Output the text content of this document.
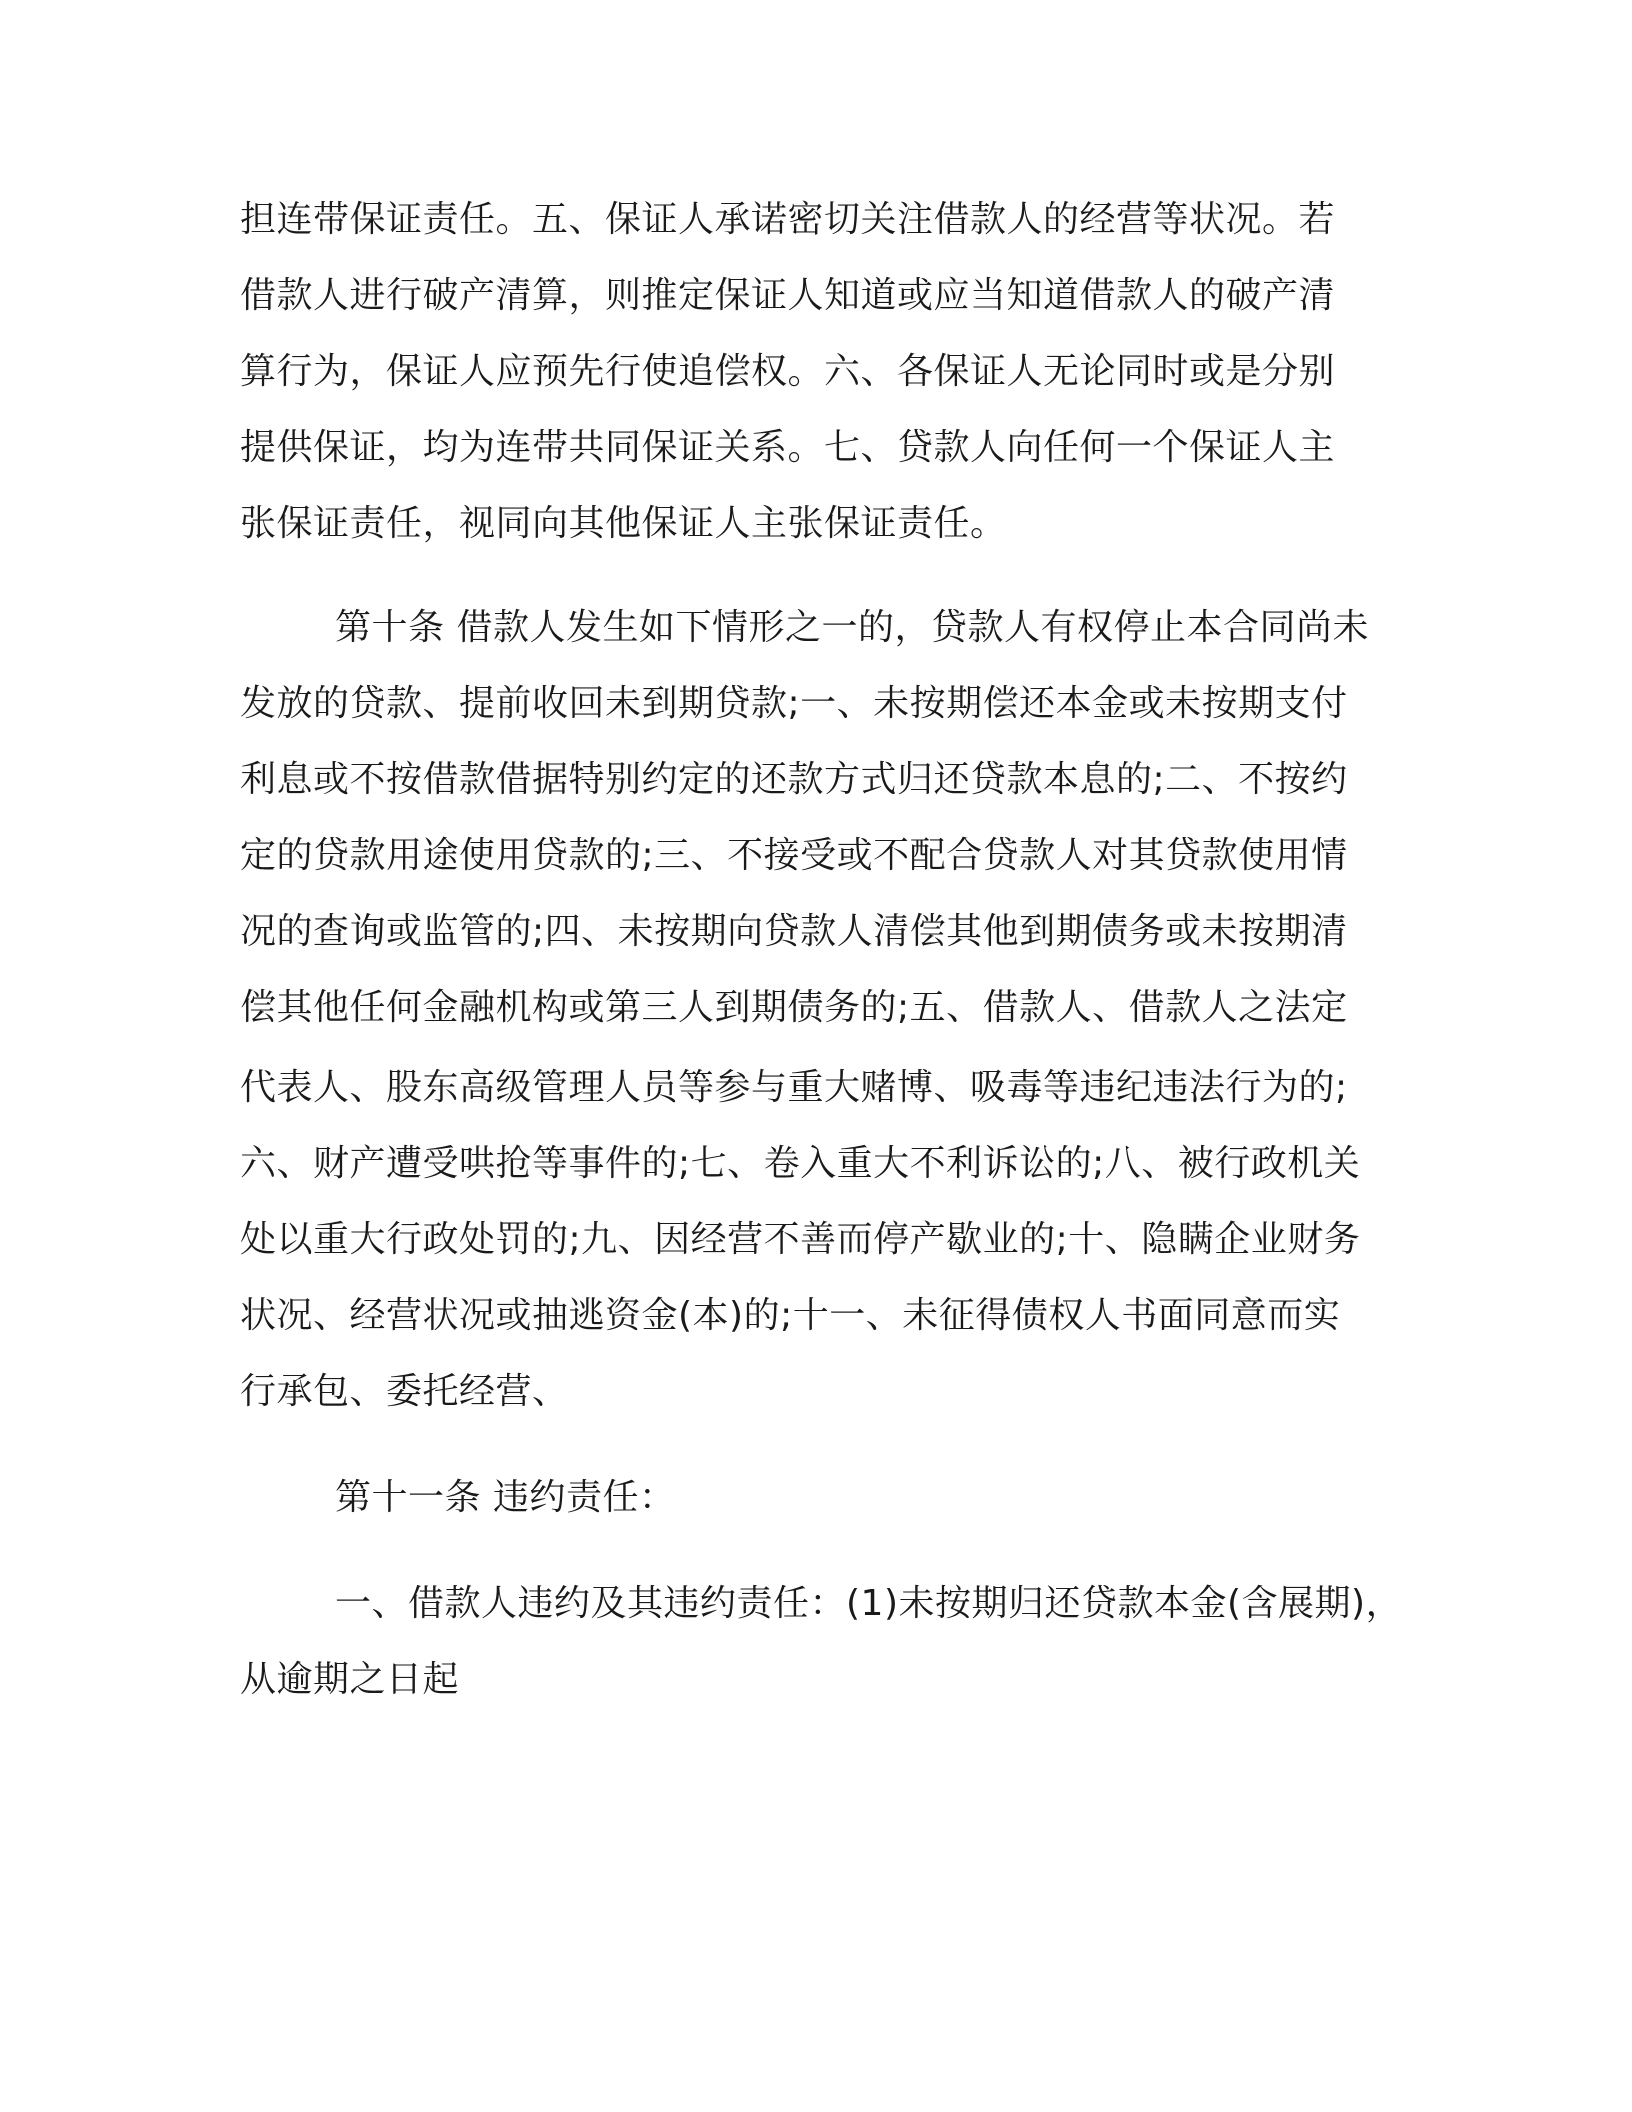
担连带保证责任。五、保证人承诺密切关注借款人的经营等状况。若
借款人进行破产清算，则推定保证人知道或应当知道借款人的破产清
算行为，保证人应预先行使追偿权。六、各保证人无论同时或是分别
提供保证，均为连带共同保证关系。七、贷款人向任何一个保证人主
张保证责任，视同向其他保证人主张保证责任。
第十条 借款人发生如下情形之一的，贷款人有权停止本合同尚未
发放的贷款、提前收回未到期贷款;一、未按期偿还本金或未按期支付
利息或不按借款借据特别约定的还款方式归还贷款本息的;二、不按约
定的贷款用途使用贷款的;三、不接受或不配合贷款人对其贷款使用情
况的查询或监管的;四、未按期向贷款人清偿其他到期债务或未按期清
偿其他任何金融机构或第三人到期债务的;五、借款人、借款人之法定
代表人、股东高级管理人员等参与重大赌博、吸毒等违纪违法行为的;
六、财产遭受哄抢等事件的;七、卷入重大不利诉讼的;八、被行政机关
处以重大行政处罚的;九、因经营不善而停产歇业的;十、隐瞒企业财务
状况、经营状况或抽逃资金(本)的;十一、未征得债权人书面同意而实
行承包、委托经营、
第十一条 违约责任：
一、借款人违约及其违约责任：(1)未按期归还贷款本金(含展期)，
从逾期之日起
